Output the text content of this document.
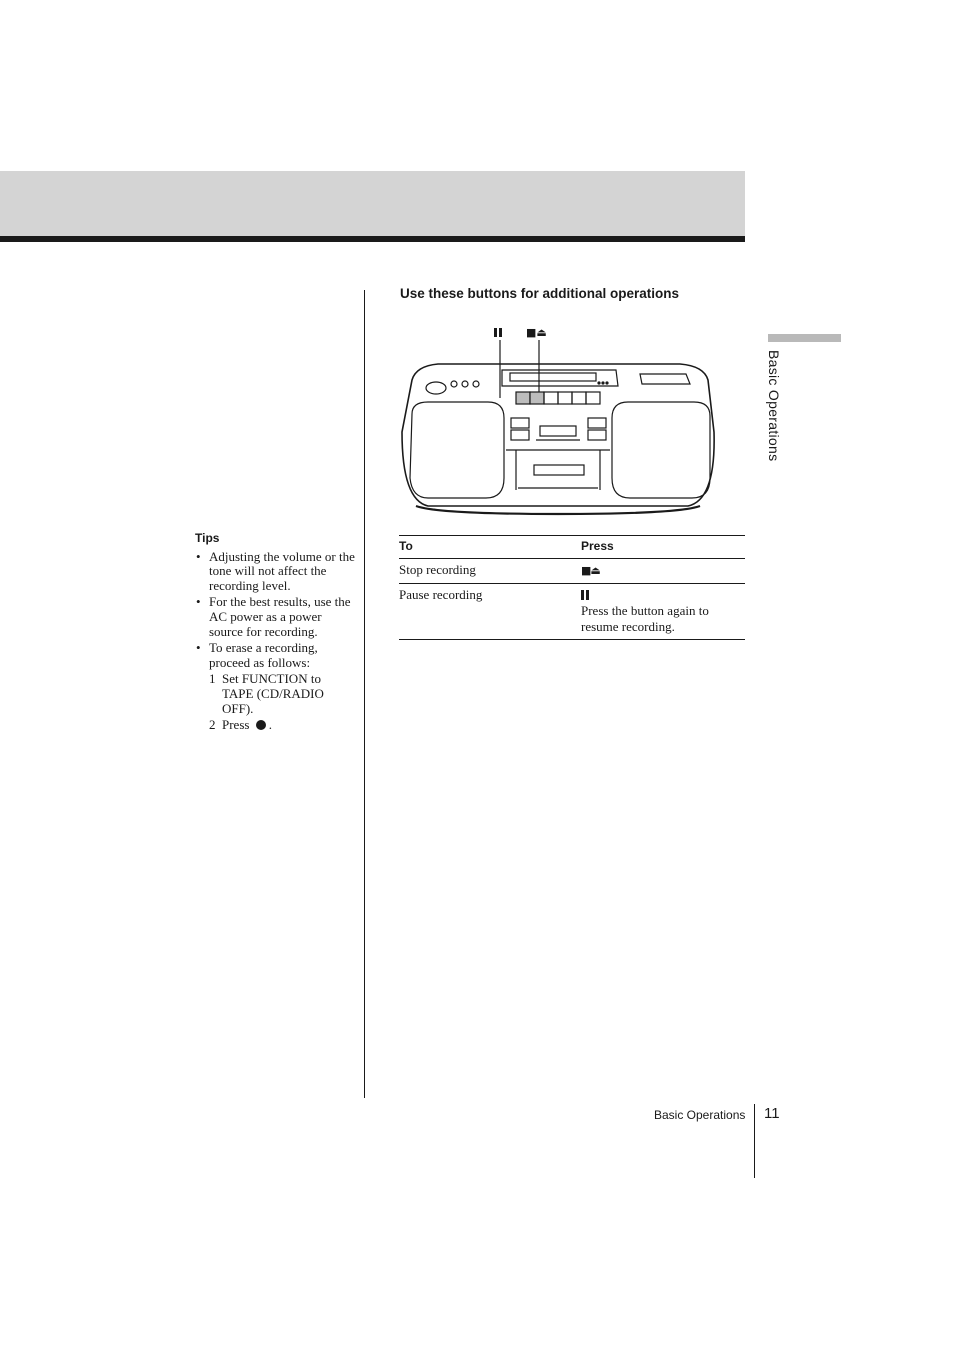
Basic Operations
Tips
• Adjusting the volume or the tone will not affect the recording level.
• For the best results, use the AC power as a power source for recording.
• To erase a recording, proceed as follows:
1 Set FUNCTION to TAPE (CD/RADIO OFF).
2 Press .
Use these buttons for additional operations
■⏏
To	Press
Stop recording	■⏏
Pause recording	Press the button again to resume recording.
Basic Operations 11
